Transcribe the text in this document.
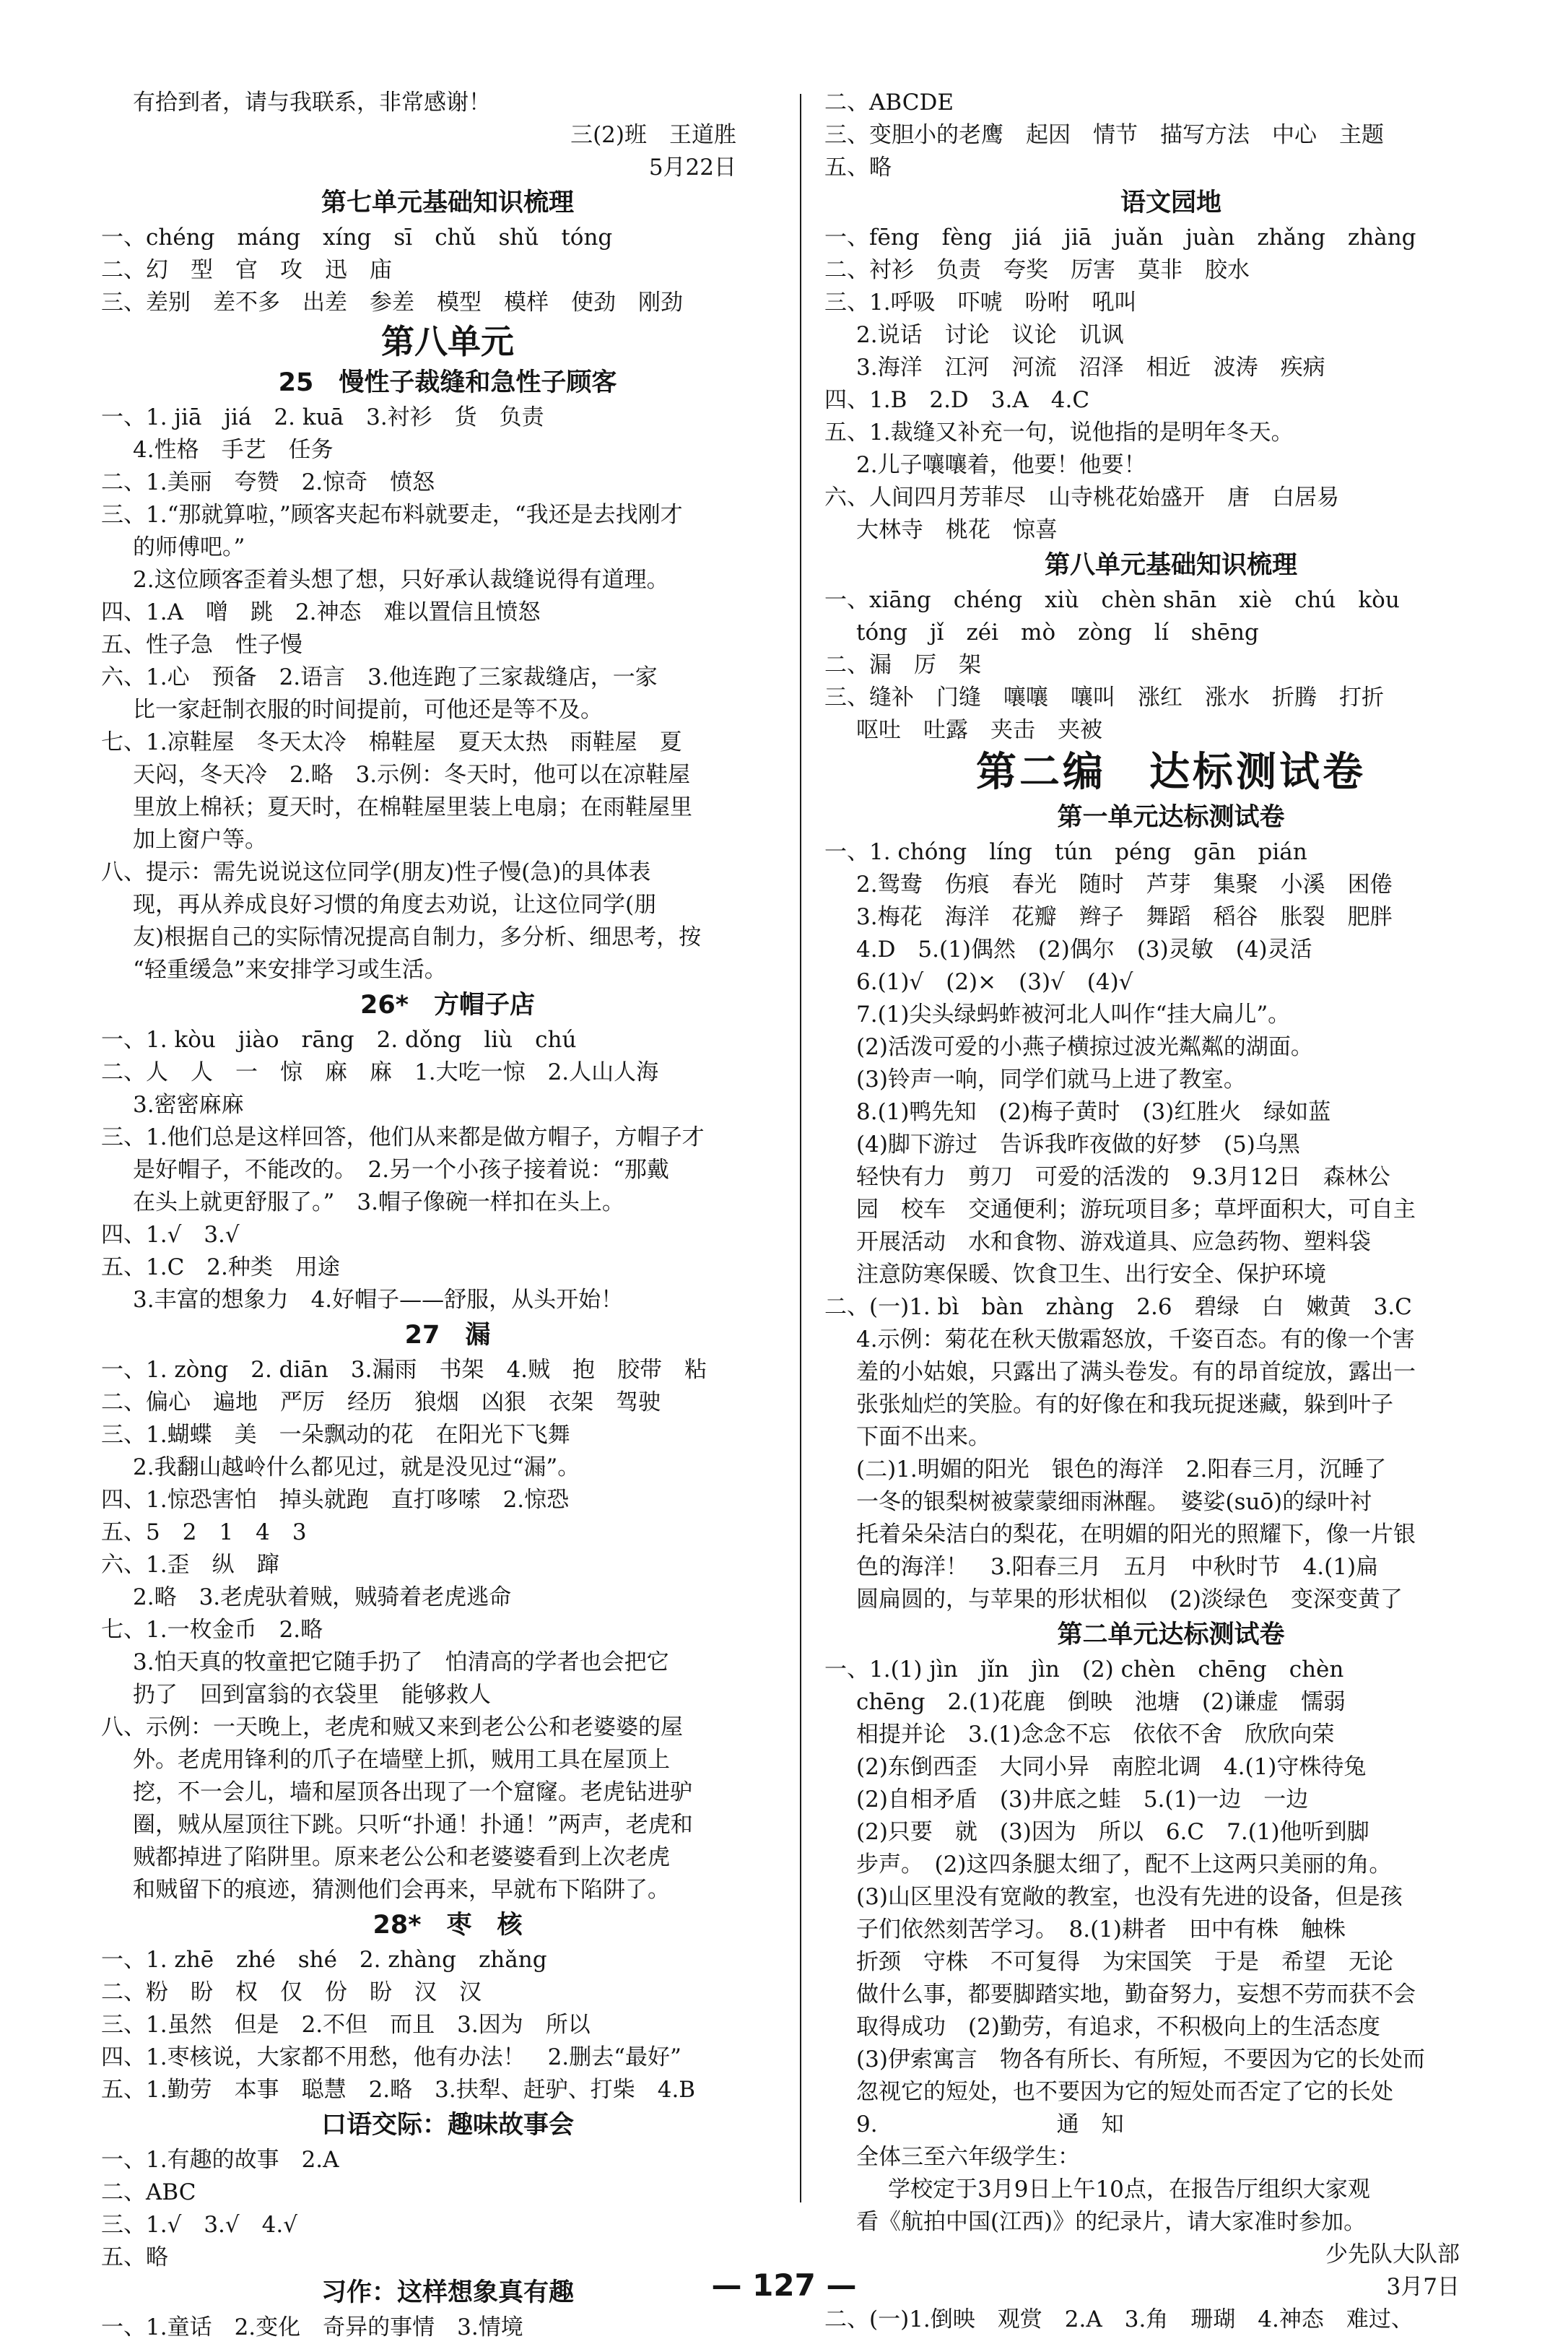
有拾到者，请与我联系，非常感谢！
三(2)班　王道胜
5月22日
第七单元基础知识梳理
一、chéng　máng　xíng　sī　chǔ　shǔ　tóng
二、幻　型　官　攻　迅　庙
三、差别　差不多　出差　参差　模型　模样　使劲　刚劲
第八单元
25　慢性子裁缝和急性子顾客
一、1. jiā　jiá　2. kuā　3.衬衫　货　负责
4.性格　手艺　任务
二、1.美丽　夸赞　2.惊奇　愤怒
三、1.“那就算啦，”顾客夹起布料就要走，“我还是去找刚才
的师傅吧。”
2.这位顾客歪着头想了想，只好承认裁缝说得有道理。
四、1.A　噌　跳　2.神态　难以置信且愤怒
五、性子急　性子慢
六、1.心　预备　2.语言　3.他连跑了三家裁缝店，一家
比一家赶制衣服的时间提前，可他还是等不及。
七、1.凉鞋屋　冬天太冷　棉鞋屋　夏天太热　雨鞋屋　夏
天闷，冬天冷　2.略　3.示例：冬天时，他可以在凉鞋屋
里放上棉袄；夏天时，在棉鞋屋里装上电扇；在雨鞋屋里
加上窗户等。
八、提示：需先说说这位同学(朋友)性子慢(急)的具体表
现，再从养成良好习惯的角度去劝说，让这位同学(朋
友)根据自己的实际情况提高自制力，多分析、细思考，按
“轻重缓急”来安排学习或生活。
26*　方帽子店
一、1. kòu　jiào　rāng　2. dǒng　liù　chú
二、人　人　一　惊　麻　麻　1.大吃一惊　2.人山人海
3.密密麻麻
三、1.他们总是这样回答，他们从来都是做方帽子，方帽子才
是好帽子，不能改的。　2.另一个小孩子接着说：“那戴
在头上就更舒服了。”　3.帽子像碗一样扣在头上。
四、1.√　3.√
五、1.C　2.种类　用途
3.丰富的想象力　4.好帽子——舒服，从头开始！
27　漏
一、1. zòng　2. diān　3.漏雨　书架　4.贼　抱　胶带　粘
二、偏心　遍地　严厉　经历　狼烟　凶狠　衣架　驾驶
三、1.蝴蝶　美　一朵飘动的花　在阳光下飞舞
2.我翻山越岭什么都见过，就是没见过“漏”。
四、1.惊恐害怕　掉头就跑　直打哆嗦　2.惊恐
五、5　2　1　4　3
六、1.歪　纵　蹿
2.略　3.老虎驮着贼，贼骑着老虎逃命
七、1.一枚金币　2.略
3.怕天真的牧童把它随手扔了　怕清高的学者也会把它
扔了　回到富翁的衣袋里　能够救人
八、示例：一天晚上，老虎和贼又来到老公公和老婆婆的屋
外。老虎用锋利的爪子在墙壁上抓，贼用工具在屋顶上
挖，不一会儿，墙和屋顶各出现了一个窟窿。老虎钻进驴
圈，贼从屋顶往下跳。只听“扑通！扑通！”两声，老虎和
贼都掉进了陷阱里。原来老公公和老婆婆看到上次老虎
和贼留下的痕迹，猜测他们会再来，早就布下陷阱了。
28*　枣　核
一、1. zhē　zhé　shé　2. zhàng　zhǎng
二、粉　盼　权　仅　份　盼　汉　汉
三、1.虽然　但是　2.不但　而且　3.因为　所以
四、1.枣核说，大家都不用愁，他有办法！　2.删去“最好”
五、1.勤劳　本事　聪慧　2.略　3.扶犁、赶驴、打柴　4.B
口语交际：趣味故事会
一、1.有趣的故事　2.A
二、ABC
三、1.√　3.√　4.√
五、略
习作：这样想象真有趣
一、1.童话　2.变化　奇异的事情　3.情境
二、ABCDE
三、变胆小的老鹰　起因　情节　描写方法　中心　主题
五、略
语文园地
一、fēng　fèng　jiá　jiā　juǎn　juàn　zhǎng　zhàng
二、衬衫　负责　夸奖　厉害　莫非　胶水
三、1.呼吸　吓唬　吩咐　吼叫
2.说话　讨论　议论　讥讽
3.海洋　江河　河流　沼泽　相近　波涛　疾病
四、1.B　2.D　3.A　4.C
五、1.裁缝又补充一句，说他指的是明年冬天。
2.儿子嚷嚷着，他要！他要！
六、人间四月芳菲尽　山寺桃花始盛开　唐　白居易
大林寺　桃花　惊喜
第八单元基础知识梳理
一、xiāng　chéng　xiù　chèn shān　xiè　chú　kòu
tóng　jǐ　zéi　mò　zòng　lí　shēng
二、漏　厉　架
三、缝补　门缝　嚷嚷　嚷叫　涨红　涨水　折腾　打折
呕吐　吐露　夹击　夹被
第二编　达标测试卷
第一单元达标测试卷
一、1. chóng　líng　tún　péng　gān　pián
2.鸳鸯　伤痕　春光　随时　芦芽　集聚　小溪　困倦
3.梅花　海洋　花瓣　辫子　舞蹈　稻谷　胀裂　肥胖
4.D　5.(1)偶然　(2)偶尔　(3)灵敏　(4)灵活
6.(1)√　(2)×　(3)√　(4)√
7.(1)尖头绿蚂蚱被河北人叫作“挂大扁儿”。
(2)活泼可爱的小燕子横掠过波光粼粼的湖面。
(3)铃声一响，同学们就马上进了教室。
8.(1)鸭先知　(2)梅子黄时　(3)红胜火　绿如蓝
(4)脚下游过　告诉我昨夜做的好梦　(5)乌黑
轻快有力　剪刀　可爱的活泼的　9.3月12日　森林公
园　校车　交通便利；游玩项目多；草坪面积大，可自主
开展活动　水和食物、游戏道具、应急药物、塑料袋
注意防寒保暖、饮食卫生、出行安全、保护环境
二、(一)1. bì　bàn　zhàng　2.6　碧绿　白　嫩黄　3.C
4.示例：菊花在秋天傲霜怒放，千姿百态。有的像一个害
羞的小姑娘，只露出了满头卷发。有的昂首绽放，露出一
张张灿烂的笑脸。有的好像在和我玩捉迷藏，躲到叶子
下面不出来。
(二)1.明媚的阳光　银色的海洋　2.阳春三月，沉睡了
一冬的银梨树被蒙蒙细雨淋醒。　婆娑(suō)的绿叶衬
托着朵朵洁白的梨花，在明媚的阳光的照耀下，像一片银
色的海洋！　3.阳春三月　五月　中秋时节　4.(1)扁
圆扁圆的，与苹果的形状相似　(2)淡绿色　变深变黄了
第二单元达标测试卷
一、1.(1) jìn　jǐn　jìn　(2) chèn　chēng　chèn
chēng　2.(1)花鹿　倒映　池塘　(2)谦虚　懦弱
相提并论　3.(1)念念不忘　依依不舍　欣欣向荣
(2)东倒西歪　大同小异　南腔北调　4.(1)守株待兔
(2)自相矛盾　(3)井底之蛙　5.(1)一边　一边
(2)只要　就　(3)因为　所以　6.C　7.(1)他听到脚
步声。　(2)这四条腿太细了，配不上这两只美丽的角。
(3)山区里没有宽敞的教室，也没有先进的设备，但是孩
子们依然刻苦学习。　8.(1)耕者　田中有株　触株
折颈　守株　不可复得　为宋国笑　于是　希望　无论
做什么事，都要脚踏实地，勤奋努力，妄想不劳而获不会
取得成功　(2)勤劳，有追求，不积极向上的生活态度
(3)伊索寓言　物各有所长、有所短，不要因为它的长处而
忽视它的短处，也不要因为它的短处而否定了它的长处
9.　　　　　　　　通　知
全体三至六年级学生：
学校定于3月9日上午10点，在报告厅组织大家观
看《航拍中国(江西)》的纪录片，请大家准时参加。
少先队大队部
3月7日
二、(一)1.倒映　观赏　2.A　3.角　珊瑚　4.神态　难过、
— 127 —
